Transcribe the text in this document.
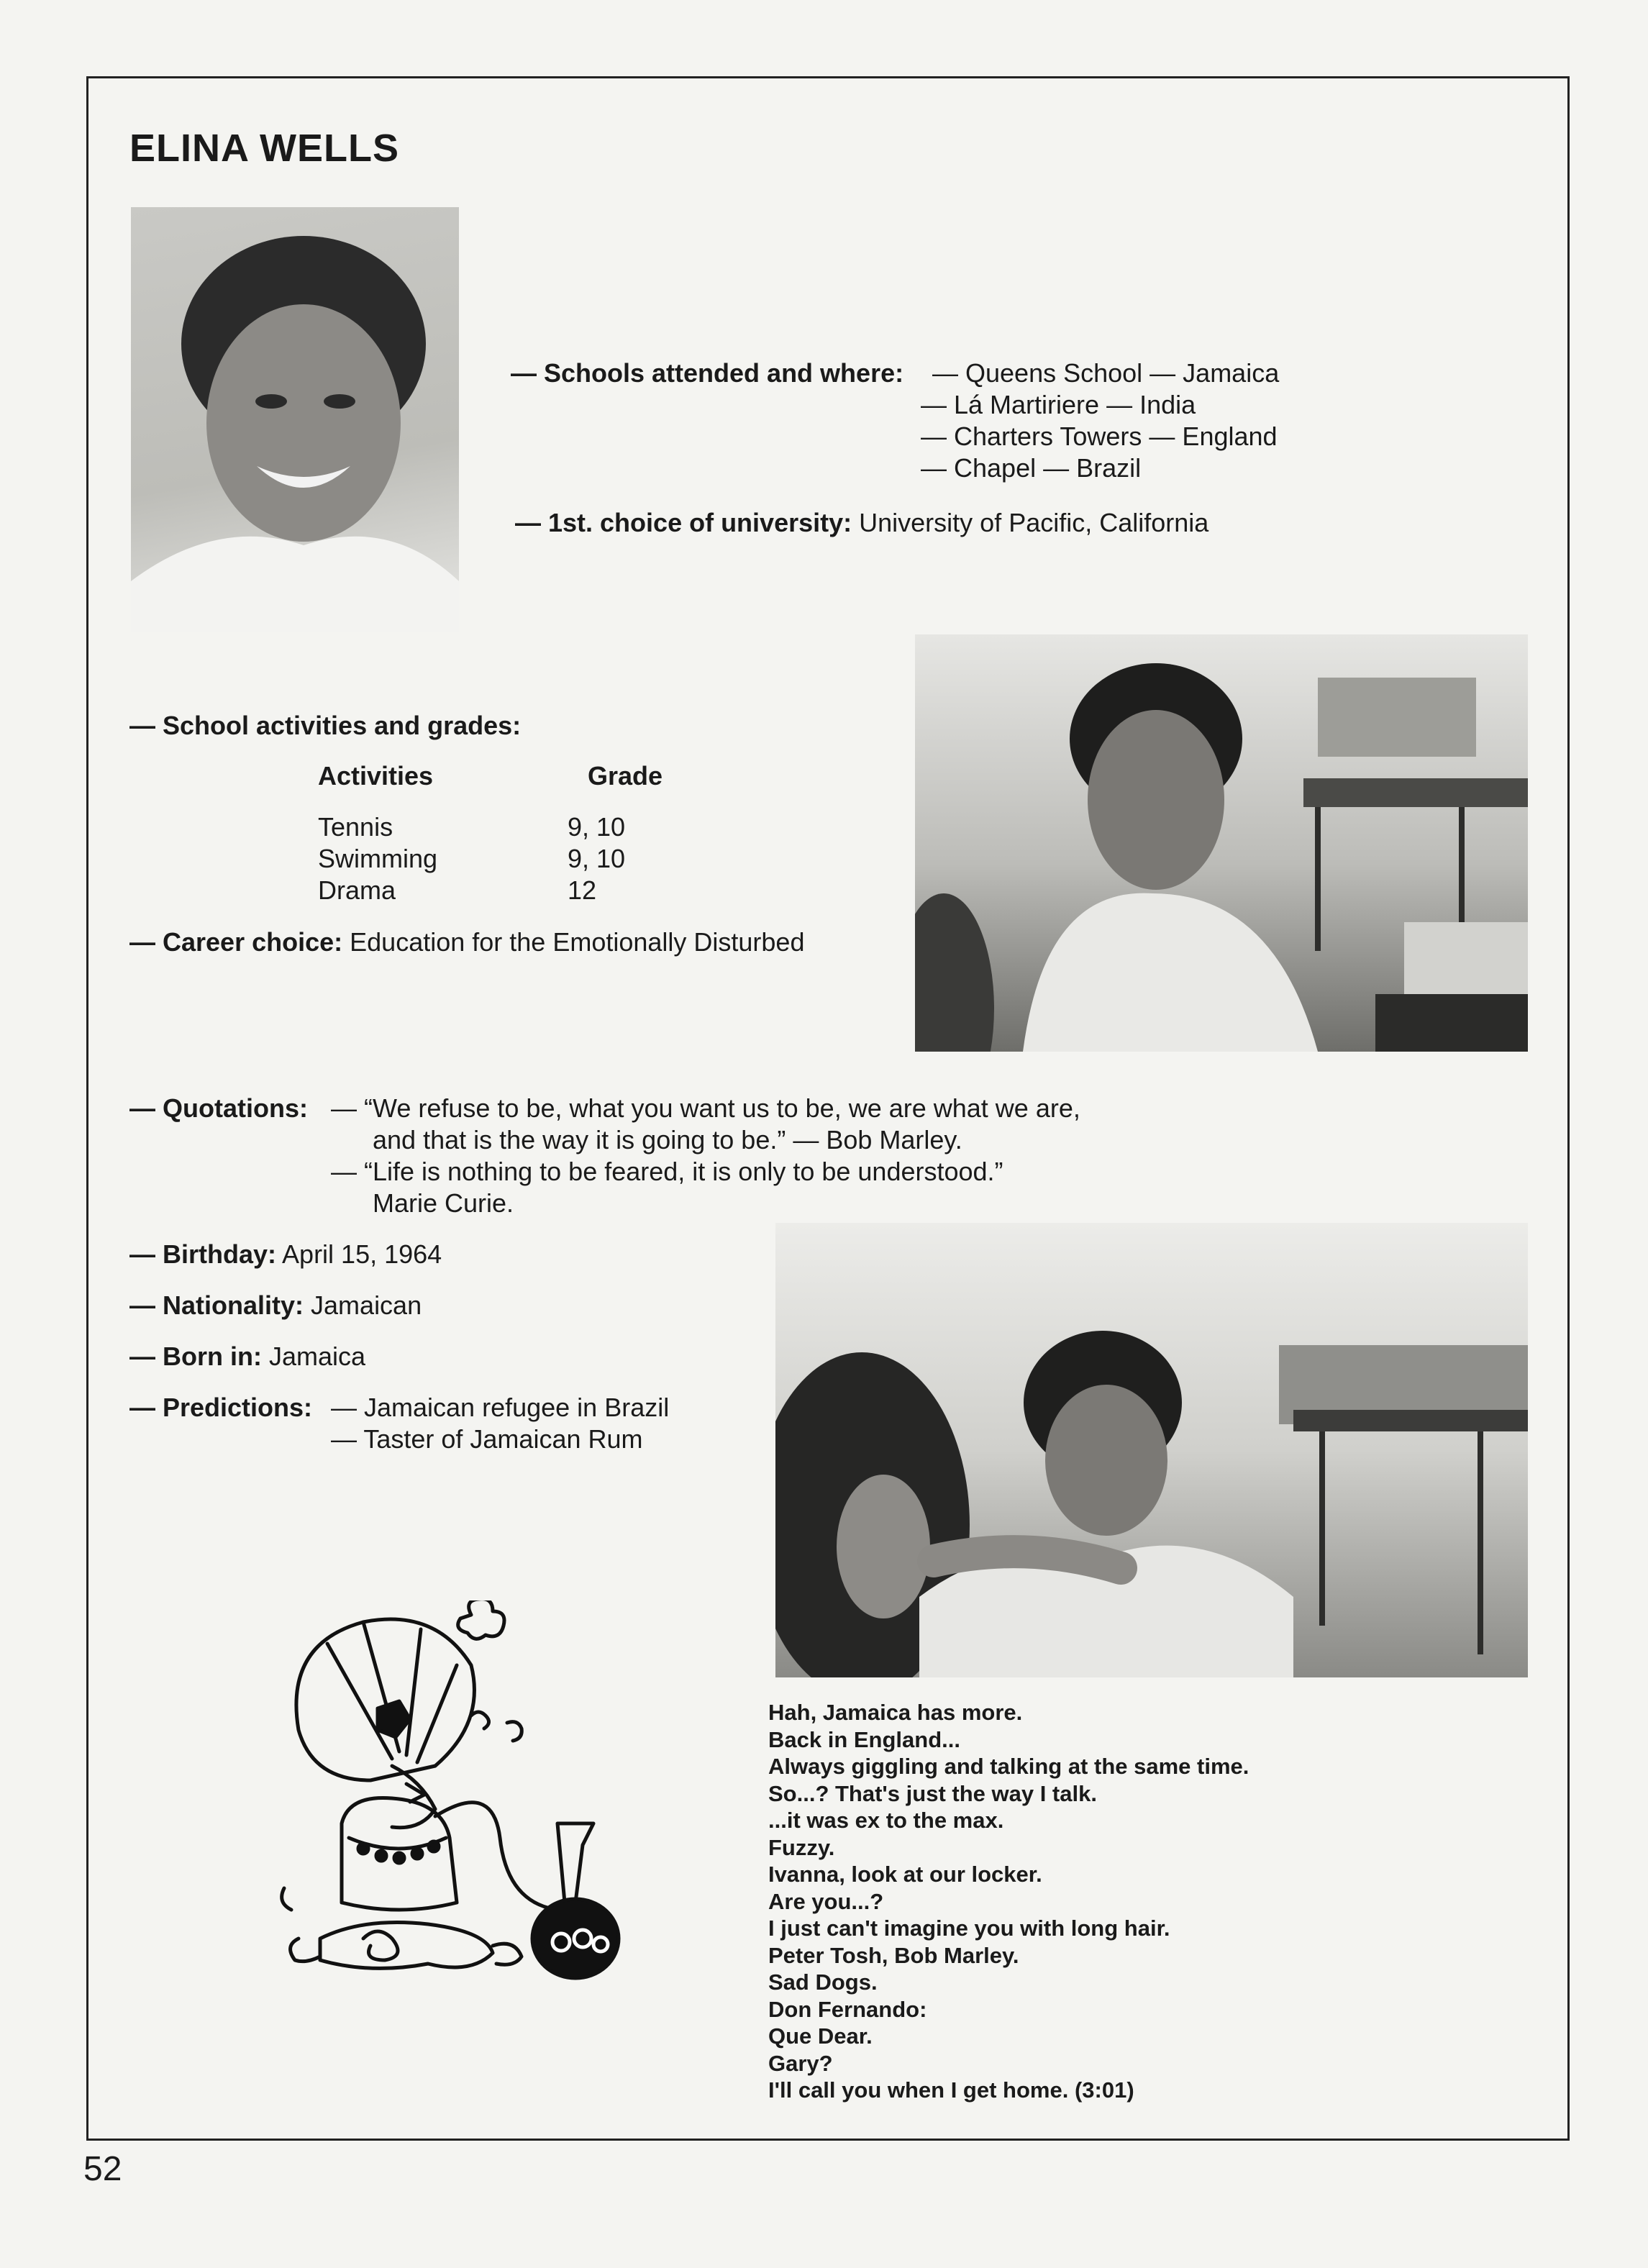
ELINA WELLS
— Schools attended and where: — Queens School — Jamaica
— Lá Martiriere — India
— Charters Towers — England
— Chapel — Brazil
— 1st. choice of university: University of Pacific, California
— School activities and grades:
Activities	Grade
Tennis
Swimming
Drama
9, 10
9, 10
12
— Career choice: Education for the Emotionally Disturbed
— Quotations: — “We refuse to be, what you want us to be, we are what we are,
and that is the way it is going to be.” — Bob Marley.
— “Life is nothing to be feared, it is only to be understood.”
Marie Curie.
— Birthday: April 15, 1964
— Nationality: Jamaican
— Born in: Jamaica
— Predictions: — Jamaican refugee in Brazil
— Taster of Jamaican Rum
Hah, Jamaica has more.
Back in England...
Always giggling and talking at the same time.
So...? That's just the way I talk.
...it was ex to the max.
Fuzzy.
Ivanna, look at our locker.
Are you...?
I just can't imagine you with long hair.
Peter Tosh, Bob Marley.
Sad Dogs.
Don Fernando:
Que Dear.
Gary?
I'll call you when I get home. (3:01)
52
